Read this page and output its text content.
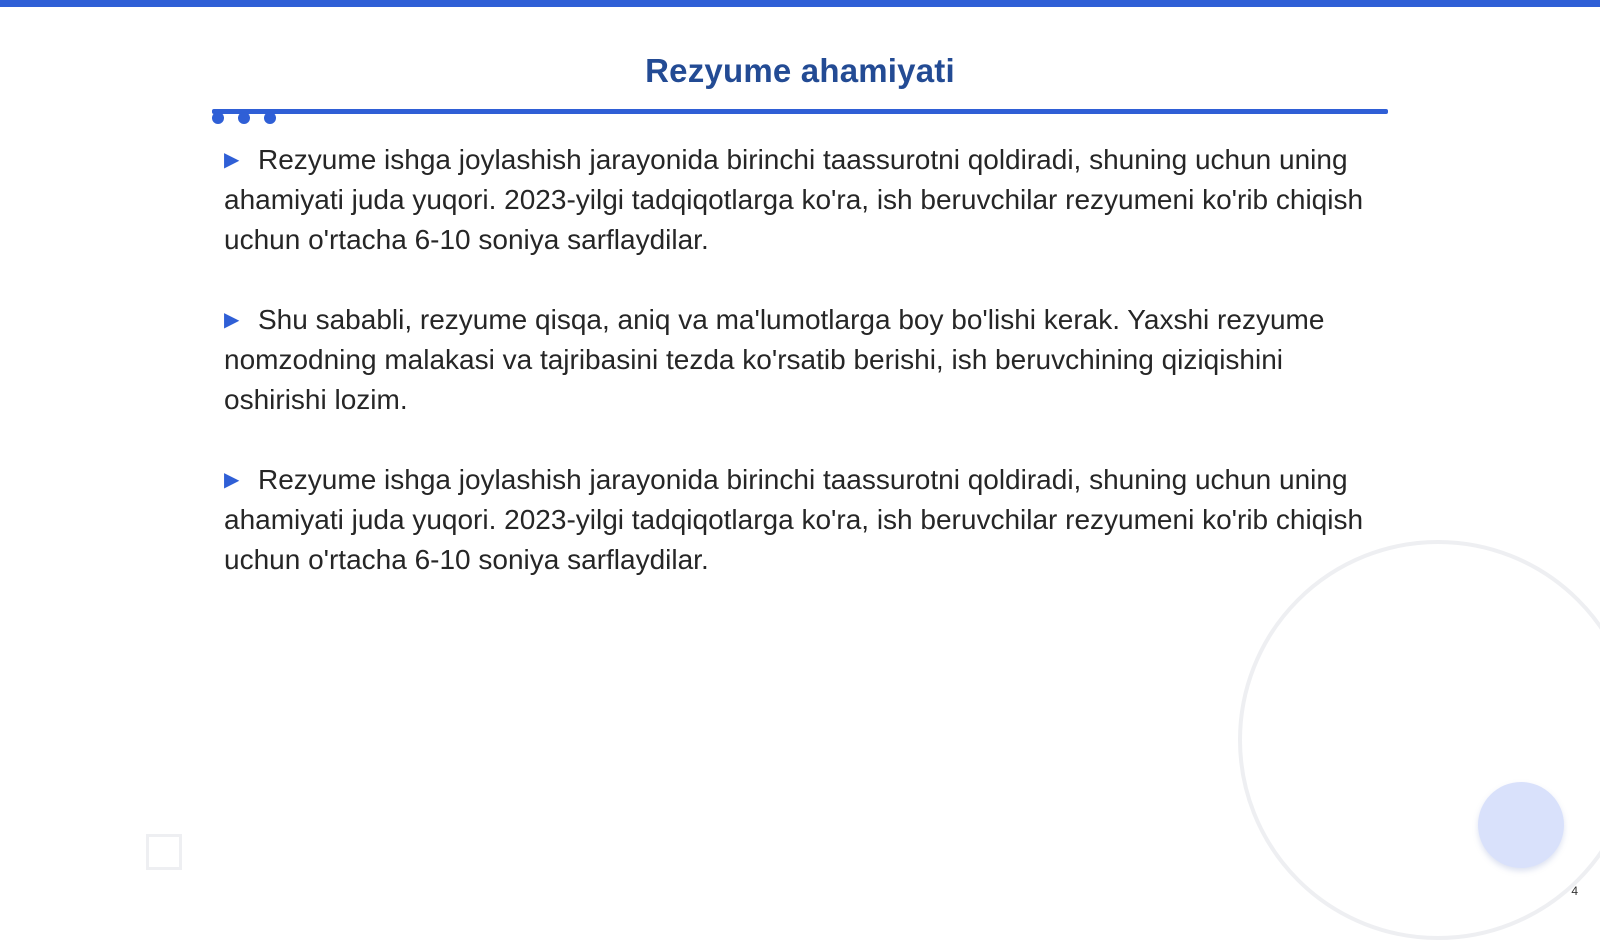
Rezyume ahamiyati

▶ Rezyume ishga joylashish jarayonida birinchi taassurotni qoldiradi, shuning uchun uning ahamiyati juda yuqori. 2023-yilgi tadqiqotlarga ko'ra, ish beruvchilar rezyumeni ko'rib chiqish uchun o'rtacha 6-10 soniya sarflaydilar.

▶ Shu sababli, rezyume qisqa, aniq va ma'lumotlarga boy bo'lishi kerak. Yaxshi rezyume nomzodning malakasi va tajribasini tezda ko'rsatib berishi, ish beruvchining qiziqishini oshirishi lozim.

▶ Rezyume ishga joylashish jarayonida birinchi taassurotni qoldiradi, shuning uchun uning ahamiyati juda yuqori. 2023-yilgi tadqiqotlarga ko'ra, ish beruvchilar rezyumeni ko'rib chiqish uchun o'rtacha 6-10 soniya sarflaydilar.

4
